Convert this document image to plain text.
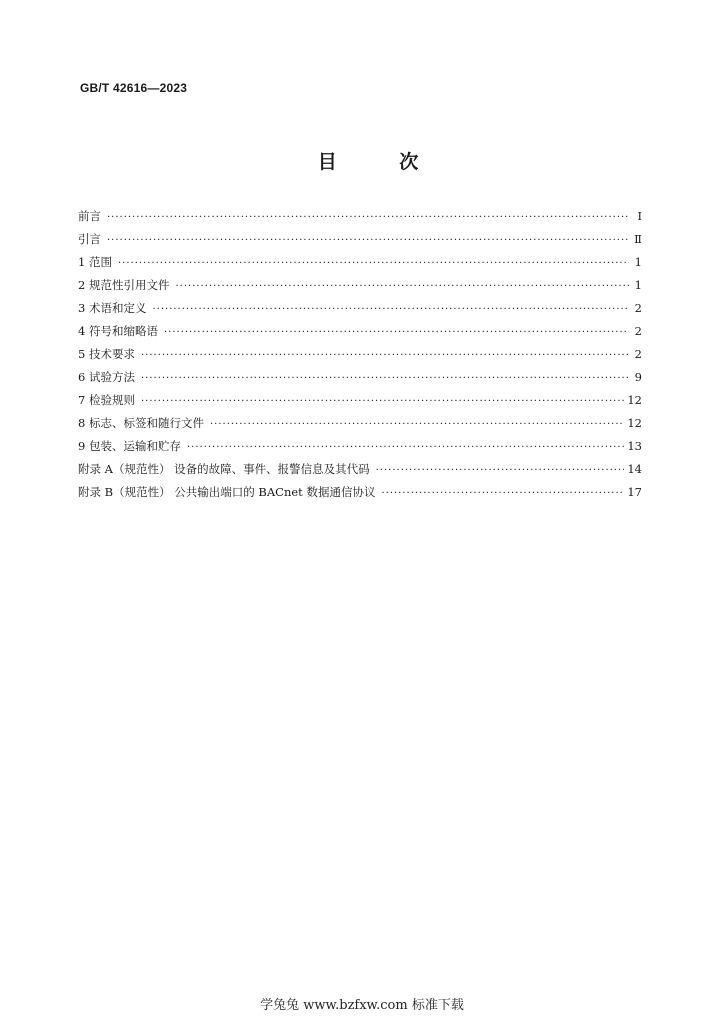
GB/T 42616—2023
目 次
前言 ·····	Ⅰ
引言 ·····	Ⅱ
1 范围 ·····	1
2 规范性引用文件 ·····	1
3 术语和定义 ·····	2
4 符号和缩略语 ·····	2
5 技术要求 ·····	2
6 试验方法 ·····	9
7 检验规则 ·····	12
8 标志、标签和随行文件 ·····	12
9 包装、运输和贮存 ·····	13
附录 A（规范性） 设备的故障、事件、报警信息及其代码 ·····	14
附录 B（规范性） 公共输出端口的 BACnet 数据通信协议 ·····	17
学兔兔 www.bzfxw.com 标准下载
